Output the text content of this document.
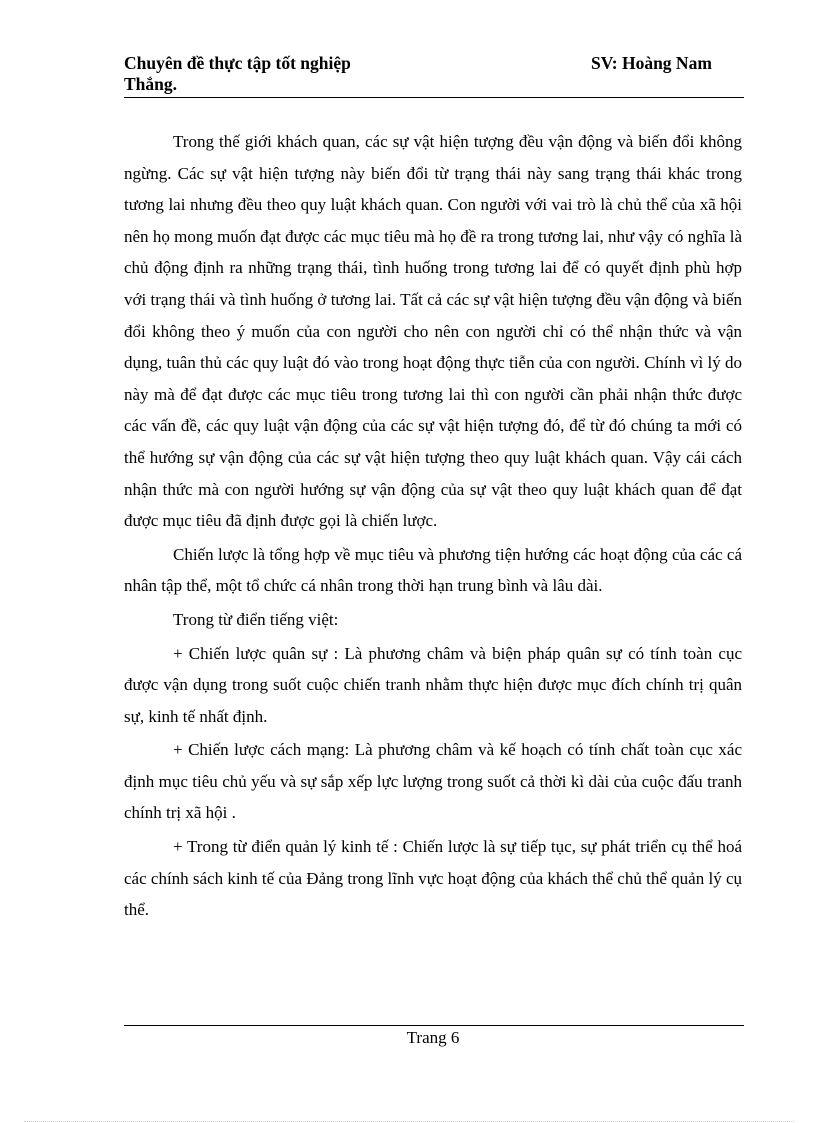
Chuyên đề thực tập tốt nghiệp	SV: Hoàng Nam
Thắng.

Trong thế giới khách quan, các sự vật hiện tượng đều vận động và biến đổi không ngừng. Các sự vật hiện tượng này biến đổi từ trạng thái này sang trạng thái khác trong tương lai nhưng đều theo quy luật khách quan. Con người với vai trò là chủ thể của xã hội nên họ mong muốn đạt được các mục tiêu mà họ đề ra trong tương lai, như vậy có nghĩa là chủ động định ra những trạng thái, tình huống trong tương lai để có quyết định phù hợp với trạng thái và tình huống ở tương lai. Tất cả các sự vật hiện tượng đều vận động và biến đổi không theo ý muốn của con người cho nên con người chỉ có thể nhận thức và vận dụng, tuân thủ các quy luật đó vào trong hoạt động thực tiễn của con người. Chính vì lý do này mà để đạt được các mục tiêu trong tương lai thì con người cần phải nhận thức được các vấn đề, các quy luật vận động của các sự vật hiện tượng đó, để từ đó chúng ta mới có thể hướng sự vận động của các sự vật hiện tượng theo quy luật khách quan. Vậy cái cách nhận thức mà con người hướng sự vận động của sự vật theo quy luật khách quan để đạt được mục tiêu đã định được gọi là chiến lược.

Chiến lược là tổng hợp về mục tiêu và phương tiện hướng các hoạt động của các cá nhân tập thể, một tổ chức cá nhân trong thời hạn trung bình và lâu dài.

Trong từ điển tiếng việt:

+ Chiến lược quân sự : Là phương châm và biện pháp quân sự có tính toàn cục được vận dụng trong suốt cuộc chiến tranh nhằm thực hiện được mục đích chính trị quân sự, kinh tế nhất định.

+ Chiến lược cách mạng: Là phương châm và kế hoạch có tính chất toàn cục xác định mục tiêu chủ yếu và sự sắp xếp lực lượng trong suốt cả thời kì dài của cuộc đấu tranh chính trị xã hội .

+ Trong từ điển quản lý kinh tế : Chiến lược là sự tiếp tục, sự phát triển cụ thể hoá các chính sách kinh tế của Đảng trong lĩnh vực hoạt động của khách thể chủ thể quản lý cụ thể.

Trang 6
